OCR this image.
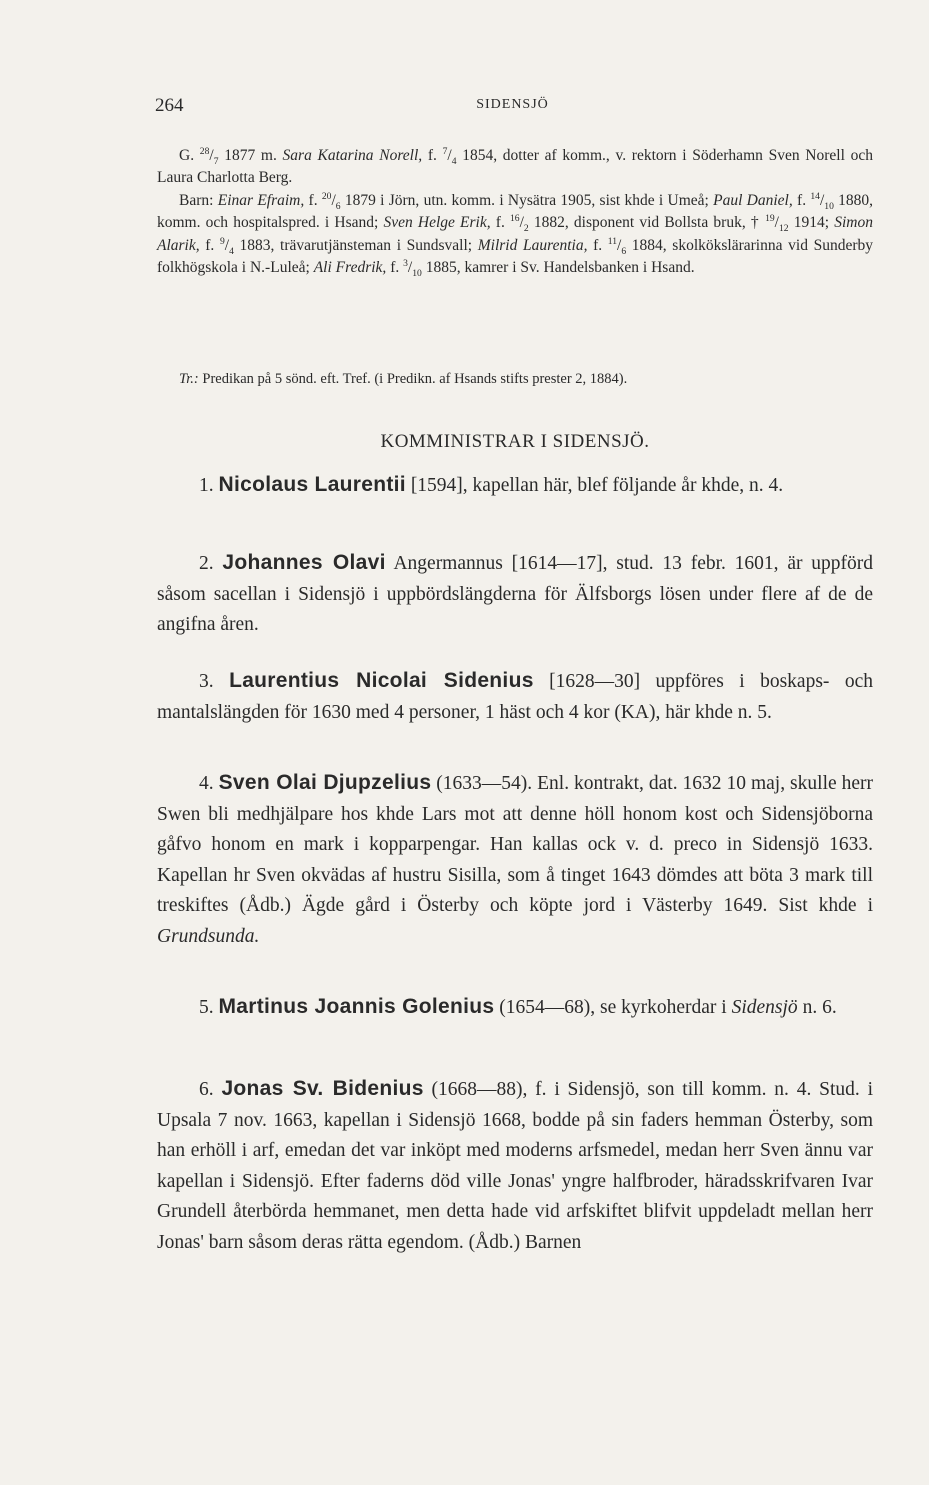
264	SIDENSJÖ

G. $^{28}/_7$ 1877 m. Sara Katarina Norell, f. $^7/_4$ 1854, dotter af komm., v. rektorn i Söderhamn Sven Norell och Laura Charlotta Berg.

Barn: Einar Efraim, f. $^{20}/_6$ 1879 i Jörn, utn. komm. i Nysätra 1905, sist khde i Umeå; Paul Daniel, f. $^{14}/_{10}$ 1880, komm. och hospitalspred. i Hsand; Sven Helge Erik, f. $^{16}/_2$ 1882, disponent vid Bollsta bruk, † $^{19}/_{12}$ 1914; Simon Alarik, f. $^9/_4$ 1883, trävarutjänsteman i Sundsvall; Milrid Laurentia, f. $^{11}/_6$ 1884, skolkökslärarinna vid Sunderby folkhögskola i N.-Luleå; Ali Fredrik, f. $^3/_{10}$ 1885, kamrer i Sv. Handelsbanken i Hsand.

Tr.: Predikan på 5 sönd. eft. Tref. (i Predikn. af Hsands stifts prester 2, 1884).
KOMMINISTRAR I SIDENSJÖ.

1. Nicolaus Laurentii [1594], kapellan här, blef följande år khde, n. 4.

2. Johannes Olavi Angermannus [1614—17], stud. 13 febr. 1601, är uppförd såsom sacellan i Sidensjö i uppbördslängderna för Älfsborgs lösen under flere af de de angifna åren.

3. Laurentius Nicolai Sidenius [1628—30] uppföres i boskaps- och mantalslängden för 1630 med 4 personer, 1 häst och 4 kor (KA), här khde n. 5.

4. Sven Olai Djupzelius (1633—54). Enl. kontrakt, dat. 1632 10 maj, skulle herr Swen bli medhjälpare hos khde Lars mot att denne höll honom kost och Sidensjöborna gåfvo honom en mark i kopparpengar. Han kallas ock v. d. preco in Sidensjö 1633. Kapellan hr Sven okvädas af hustru Sisilla, som å tinget 1643 dömdes att böta 3 mark till treskiftes (Ådb.) Ägde gård i Österby och köpte jord i Västerby 1649. Sist khde i Grundsunda.

5. Martinus Joannis Golenius (1654—68), se kyrkoherdar i Sidensjö n. 6.

6. Jonas Sv. Bidenius (1668—88), f. i Sidensjö, son till komm. n. 4. Stud. i Upsala 7 nov. 1663, kapellan i Sidensjö 1668, bodde på sin faders hemman Österby, som han erhöll i arf, emedan det var inköpt med moderns arfsmedel, medan herr Sven ännu var kapellan i Sidensjö. Efter faderns död ville Jonas' yngre halfbroder, häradsskrifvaren Ivar Grundell återbörda hemmanet, men detta hade vid arfskiftet blifvit uppdeladt mellan herr Jonas' barn såsom deras rätta egendom. (Ådb.) Barnen
